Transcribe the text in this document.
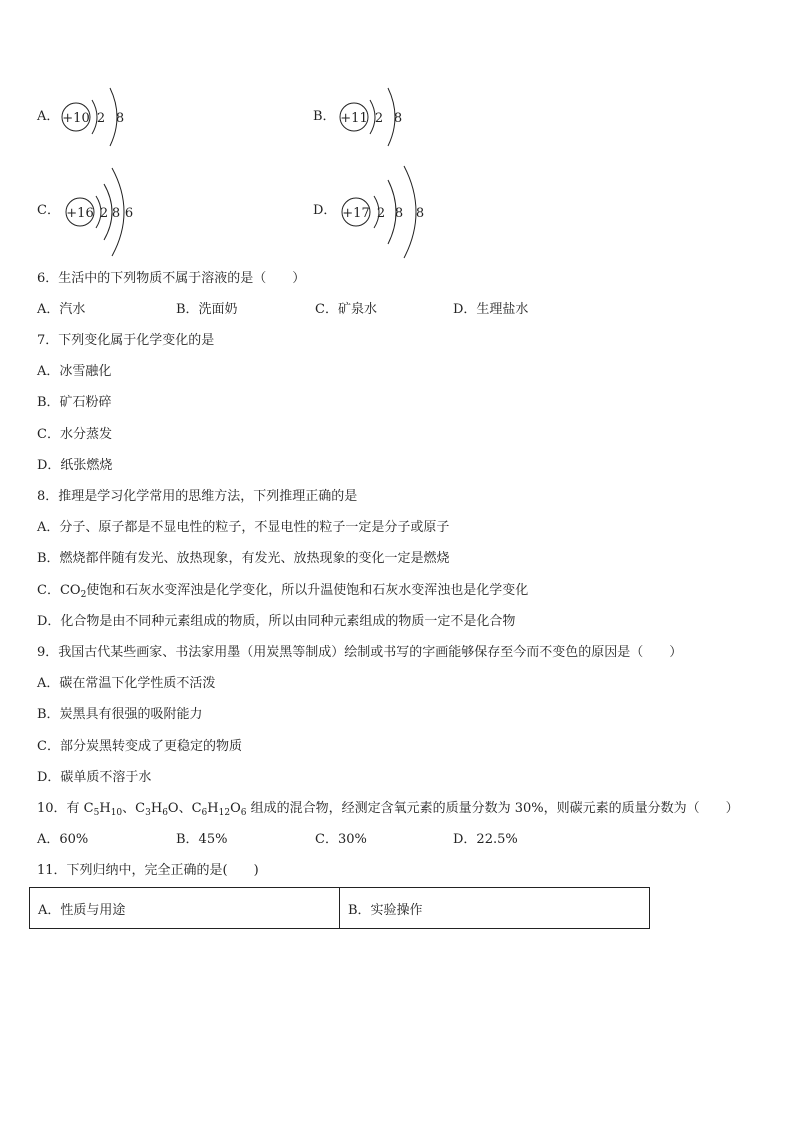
A． +10 2 8	B． +11 2 8
C． +16 2 8 6	D． +17 2 8 8
6．生活中的下列物质不属于溶液的是（　　）
A．汽水	B．洗面奶	C．矿泉水	D．生理盐水
7．下列变化属于化学变化的是
A．冰雪融化
B．矿石粉碎
C．水分蒸发
D．纸张燃烧
8．推理是学习化学常用的思维方法，下列推理正确的是
A．分子、原子都是不显电性的粒子，不显电性的粒子一定是分子或原子
B．燃烧都伴随有发光、放热现象，有发光、放热现象的变化一定是燃烧
C．$CO_2$使饱和石灰水变浑浊是化学变化，所以升温使饱和石灰水变浑浊也是化学变化
D．化合物是由不同种元素组成的物质，所以由同种元素组成的物质一定不是化合物
9．我国古代某些画家、书法家用墨（用炭黑等制成）绘制或书写的字画能够保存至今而不变色的原因是（　　）
A．碳在常温下化学性质不活泼
B．炭黑具有很强的吸附能力
C．部分炭黑转变成了更稳定的物质
D．碳单质不溶于水
10．有 $C_5H_{10}$、$C_3H_6O$、$C_6H_{12}O_6$ 组成的混合物，经测定含氧元素的质量分数为 30%，则碳元素的质量分数为（　　）
A．60%	B．45%	C．30%	D．22.5%
11．下列归纳中，完全正确的是(　　)
A．性质与用途	B．实验操作
